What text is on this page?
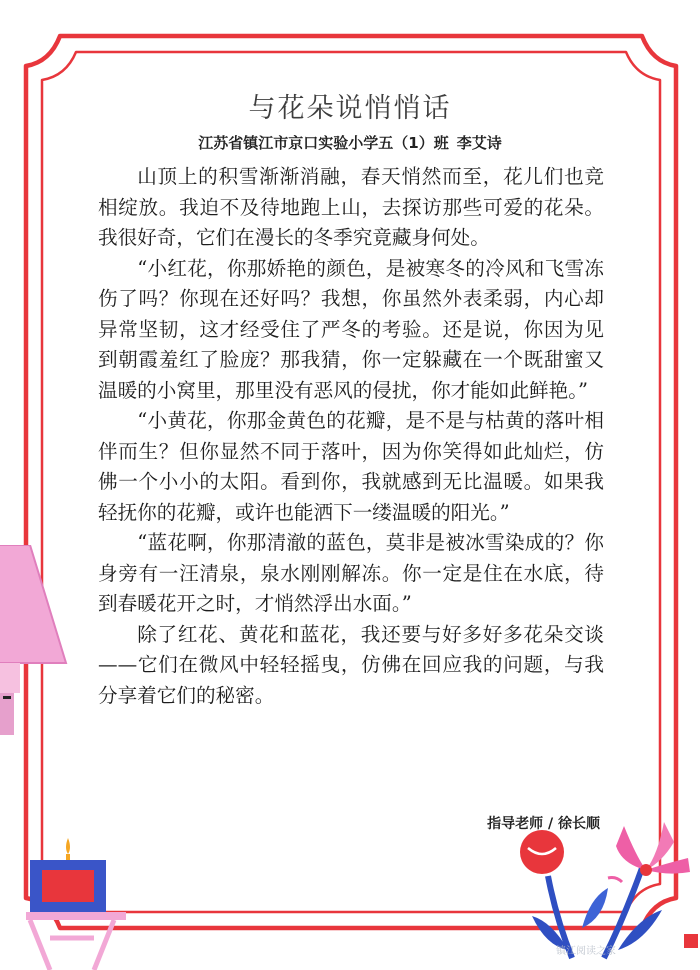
与花朵说悄悄话
江苏省镇江市京口实验小学五（1）班 李艾诗

山顶上的积雪渐渐消融，春天悄然而至，花儿们也竞相绽放。我迫不及待地跑上山，去探访那些可爱的花朵。我很好奇，它们在漫长的冬季究竟藏身何处。

“小红花，你那娇艳的颜色，是被寒冬的冷风和飞雪冻伤了吗？你现在还好吗？我想，你虽然外表柔弱，内心却异常坚韧，这才经受住了严冬的考验。还是说，你因为见到朝霞羞红了脸庞？那我猜，你一定躲藏在一个既甜蜜又温暖的小窝里，那里没有恶风的侵扰，你才能如此鲜艳。”

“小黄花，你那金黄色的花瓣，是不是与枯黄的落叶相伴而生？但你显然不同于落叶，因为你笑得如此灿烂，仿佛一个小小的太阳。看到你，我就感到无比温暖。如果我轻抚你的花瓣，或许也能洒下一缕温暖的阳光。”

“蓝花啊，你那清澈的蓝色，莫非是被冰雪染成的？你身旁有一汪清泉，泉水刚刚解冻。你一定是住在水底，待到春暖花开之时，才悄然浮出水面。”

除了红花、黄花和蓝花，我还要与好多好多花朵交谈——它们在微风中轻轻摇曳，仿佛在回应我的问题，与我分享着它们的秘密。

指导老师 / 徐长顺
镇江阅读之家
